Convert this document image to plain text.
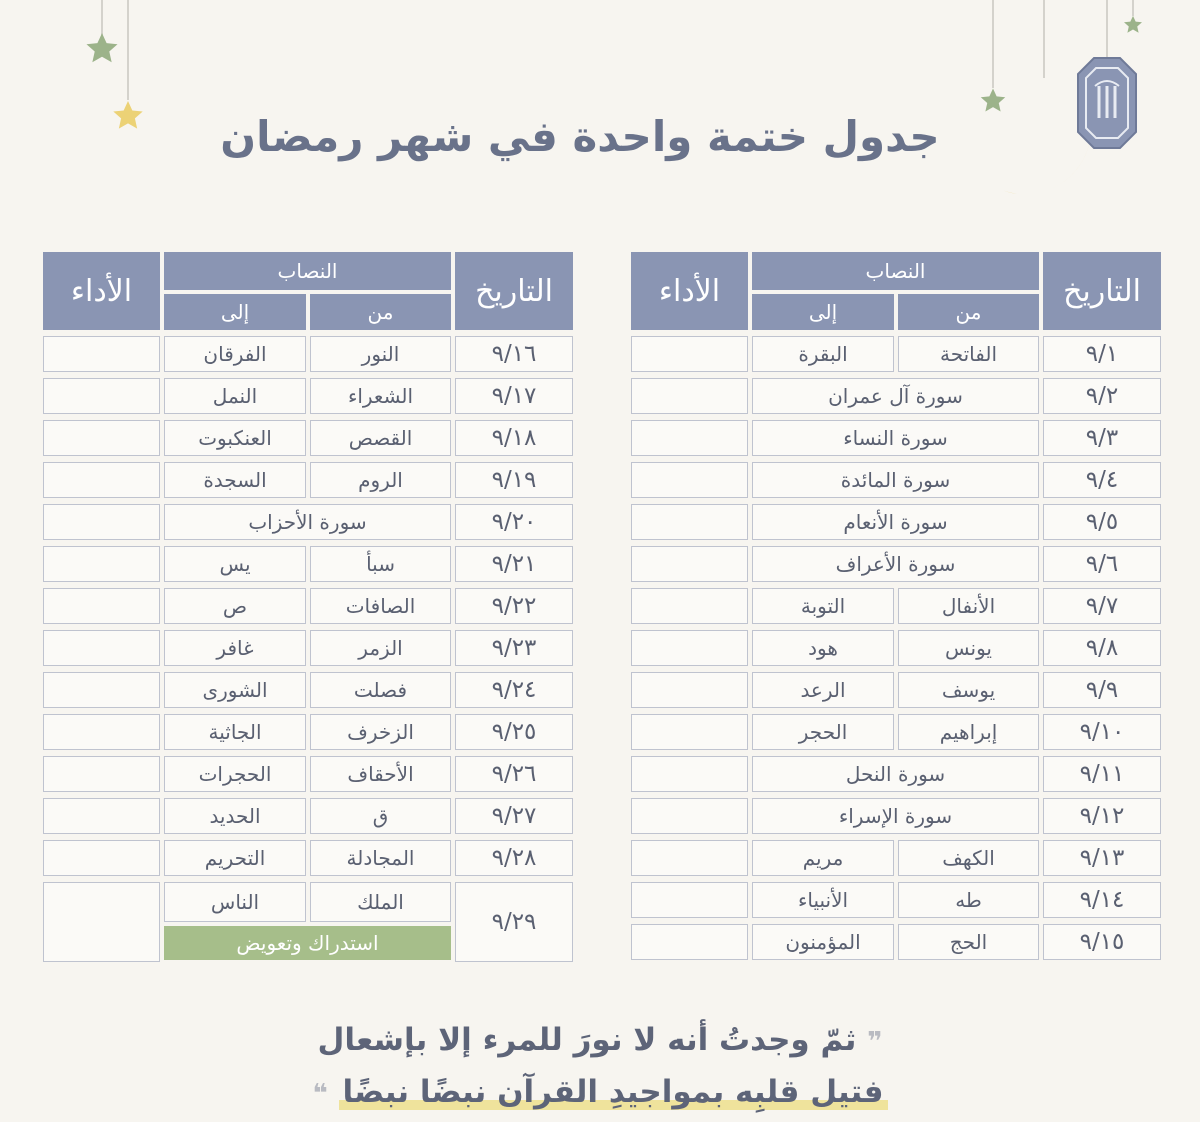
جدول ختمة واحدة في شهر رمضان
التاريخ
النصاب
من
إلى
الأداء
٩/١
الفاتحة
البقرة
٩/٢
سورة آل عمران
٩/٣
سورة النساء
٩/٤
سورة المائدة
٩/٥
سورة الأنعام
٩/٦
سورة الأعراف
٩/٧
الأنفال
التوبة
٩/٨
يونس
هود
٩/٩
يوسف
الرعد
٩/١٠
إبراهيم
الحجر
٩/١١
سورة النحل
٩/١٢
سورة الإسراء
٩/١٣
الكهف
مريم
٩/١٤
طه
الأنبياء
٩/١٥
الحج
المؤمنون
التاريخ
النصاب
من
إلى
الأداء
٩/١٦
النور
الفرقان
٩/١٧
الشعراء
النمل
٩/١٨
القصص
العنكبوت
٩/١٩
الروم
السجدة
٩/٢٠
سورة الأحزاب
٩/٢١
سبأ
يس
٩/٢٢
الصافات
ص
٩/٢٣
الزمر
غافر
٩/٢٤
فصلت
الشورى
٩/٢٥
الزخرف
الجاثية
٩/٢٦
الأحقاف
الحجرات
٩/٢٧
ق
الحديد
٩/٢٨
المجادلة
التحريم
٩/٢٩
الملك
الناس
استدراك وتعويض
❞ ثمّ وجدتُ أنه لا نورَ للمرء إلا بإشعال
فتيل قلبِه بمواجيدِ القرآن نبضًا نبضًا ❝
